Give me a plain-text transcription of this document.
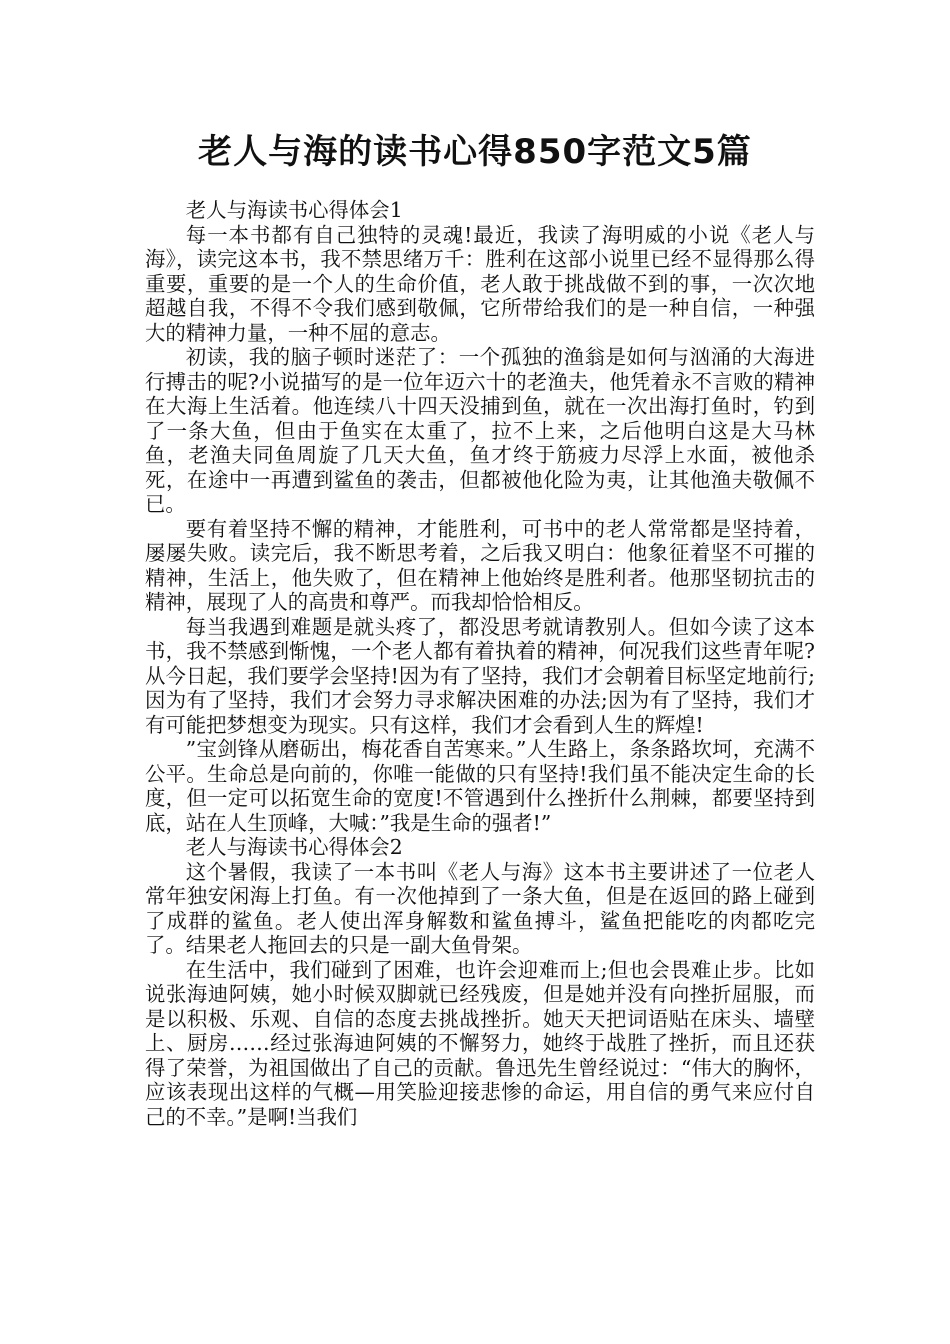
老人与海的读书心得850字范文5篇

老人与海读书心得体会1

每一本书都有自己独特的灵魂!最近，我读了海明威的小说《老人与海》，读完这本书，我不禁思绪万千：胜利在这部小说里已经不显得那么得重要，重要的是一个人的生命价值，老人敢于挑战做不到的事，一次次地超越自我，不得不令我们感到敬佩，它所带给我们的是一种自信，一种强大的精神力量，一种不屈的意志。

初读，我的脑子顿时迷茫了：一个孤独的渔翁是如何与汹涌的大海进行搏击的呢?小说描写的是一位年迈六十的老渔夫，他凭着永不言败的精神在大海上生活着。他连续八十四天没捕到鱼，就在一次出海打鱼时，钓到了一条大鱼，但由于鱼实在太重了，拉不上来，之后他明白这是大马林鱼，老渔夫同鱼周旋了几天大鱼，鱼才终于筋疲力尽浮上水面，被他杀死，在途中一再遭到鲨鱼的袭击，但都被他化险为夷，让其他渔夫敬佩不已。

要有着坚持不懈的精神，才能胜利，可书中的老人常常都是坚持着，屡屡失败。读完后，我不断思考着，之后我又明白：他象征着坚不可摧的精神，生活上，他失败了，但在精神上他始终是胜利者。他那坚韧抗击的精神，展现了人的高贵和尊严。而我却恰恰相反。

每当我遇到难题是就头疼了，都没思考就请教别人。但如今读了这本书，我不禁感到惭愧，一个老人都有着执着的精神，何况我们这些青年呢?从今日起，我们要学会坚持!因为有了坚持，我们才会朝着目标坚定地前行;因为有了坚持，我们才会努力寻求解决困难的办法;因为有了坚持，我们才有可能把梦想变为现实。只有这样，我们才会看到人生的辉煌!

”宝剑锋从磨砺出，梅花香自苦寒来。”人生路上，条条路坎坷，充满不公平。生命总是向前的，你唯一能做的只有坚持!我们虽不能决定生命的长度，但一定可以拓宽生命的宽度!不管遇到什么挫折什么荆棘，都要坚持到底，站在人生顶峰，大喊：”我是生命的强者!”

老人与海读书心得体会2

这个暑假，我读了一本书叫《老人与海》这本书主要讲述了一位老人常年独安闲海上打鱼。有一次他掉到了一条大鱼，但是在返回的路上碰到了成群的鲨鱼。老人使出浑身解数和鲨鱼搏斗，鲨鱼把能吃的肉都吃完了。结果老人拖回去的只是一副大鱼骨架。

在生活中，我们碰到了困难，也许会迎难而上;但也会畏难止步。比如说张海迪阿姨，她小时候双脚就已经残废，但是她并没有向挫折屈服，而是以积极、乐观、自信的态度去挑战挫折。她天天把词语贴在床头、墙壁上、厨房……经过张海迪阿姨的不懈努力，她终于战胜了挫折，而且还获得了荣誉，为祖国做出了自己的贡献。鲁迅先生曾经说过：“伟大的胸怀，应该表现出这样的气概—用笑脸迎接悲惨的命运，用自信的勇气来应付自己的不幸。”是啊!当我们
